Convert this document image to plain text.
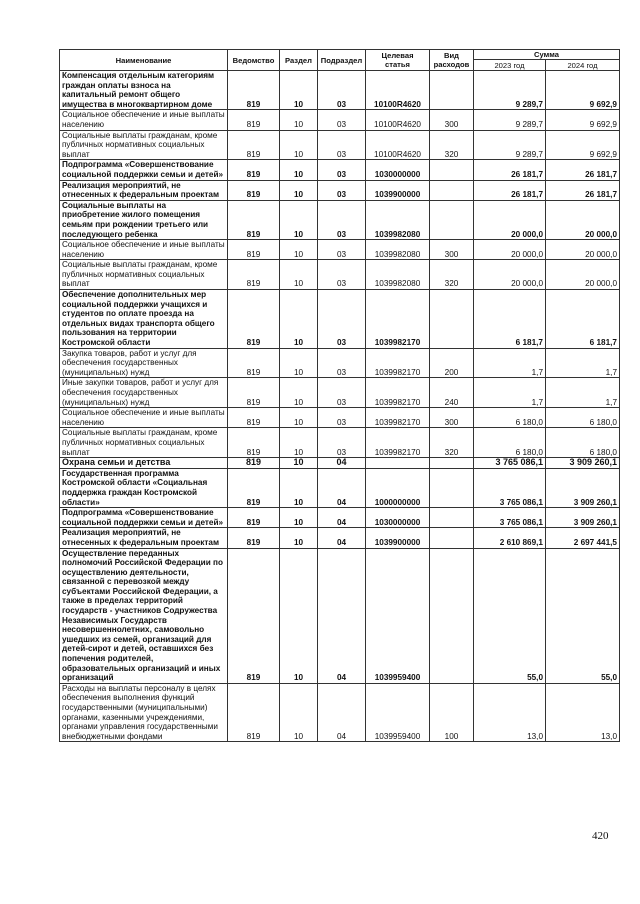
Наименование	Ведомство	Раздел	Подраздел	Целевая статья	Вид расходов	Сумма	
						2023 год	2024 год
Компенсация отдельным категориям граждан оплаты взноса на капитальный ремонт общего имущества в многоквартирном доме	819	10	03	10100R4620		9 289,7	9 692,9
Социальное обеспечение и иные выплаты населению	819	10	03	10100R4620	300	9 289,7	9 692,9
Социальные выплаты гражданам, кроме публичных нормативных социальных выплат	819	10	03	10100R4620	320	9 289,7	9 692,9
Подпрограмма «Совершенствование социальной поддержки семьи и детей»	819	10	03	1030000000		26 181,7	26 181,7
Реализация мероприятий, не отнесенных к федеральным проектам	819	10	03	1039900000		26 181,7	26 181,7
Социальные выплаты на приобретение жилого помещения семьям при рождении третьего или последующего ребенка	819	10	03	1039982080		20 000,0	20 000,0
Социальное обеспечение и иные выплаты населению	819	10	03	1039982080	300	20 000,0	20 000,0
Социальные выплаты гражданам, кроме публичных нормативных социальных выплат	819	10	03	1039982080	320	20 000,0	20 000,0
Обеспечение дополнительных мер социальной поддержки учащихся и студентов по оплате проезда на отдельных видах транспорта общего пользования на территории Костромской области	819	10	03	1039982170		6 181,7	6 181,7
Закупка товаров, работ и услуг для обеспечения государственных (муниципальных) нужд	819	10	03	1039982170	200	1,7	1,7
Иные закупки товаров, работ и услуг для обеспечения государственных (муниципальных) нужд	819	10	03	1039982170	240	1,7	1,7
Социальное обеспечение и иные выплаты населению	819	10	03	1039982170	300	6 180,0	6 180,0
Социальные выплаты гражданам, кроме публичных нормативных социальных выплат	819	10	03	1039982170	320	6 180,0	6 180,0
Охрана семьи и детства	819	10	04			3 765 086,1	3 909 260,1
Государственная программа Костромской области «Социальная поддержка граждан Костромской области»	819	10	04	1000000000		3 765 086,1	3 909 260,1
Подпрограмма «Совершенствование социальной поддержки семьи и детей»	819	10	04	1030000000		3 765 086,1	3 909 260,1
Реализация мероприятий, не отнесенных к федеральным проектам	819	10	04	1039900000		2 610 869,1	2 697 441,5
Осуществление переданных полномочий Российской Федерации по осуществлению деятельности, связанной с перевозкой между субъектами Российской Федерации, а также в пределах территорий государств - участников Содружества Независимых Государств несовершеннолетних, самовольно ушедших из семей, организаций для детей-сирот и детей, оставшихся без попечения родителей, образовательных организаций и иных организаций	819	10	04	1039959400		55,0	55,0
Расходы на выплаты персоналу в целях обеспечения выполнения функций государственными (муниципальными) органами, казенными учреждениями, органами управления государственными внебюджетными фондами	819	10	04	1039959400	100	13,0	13,0
420
